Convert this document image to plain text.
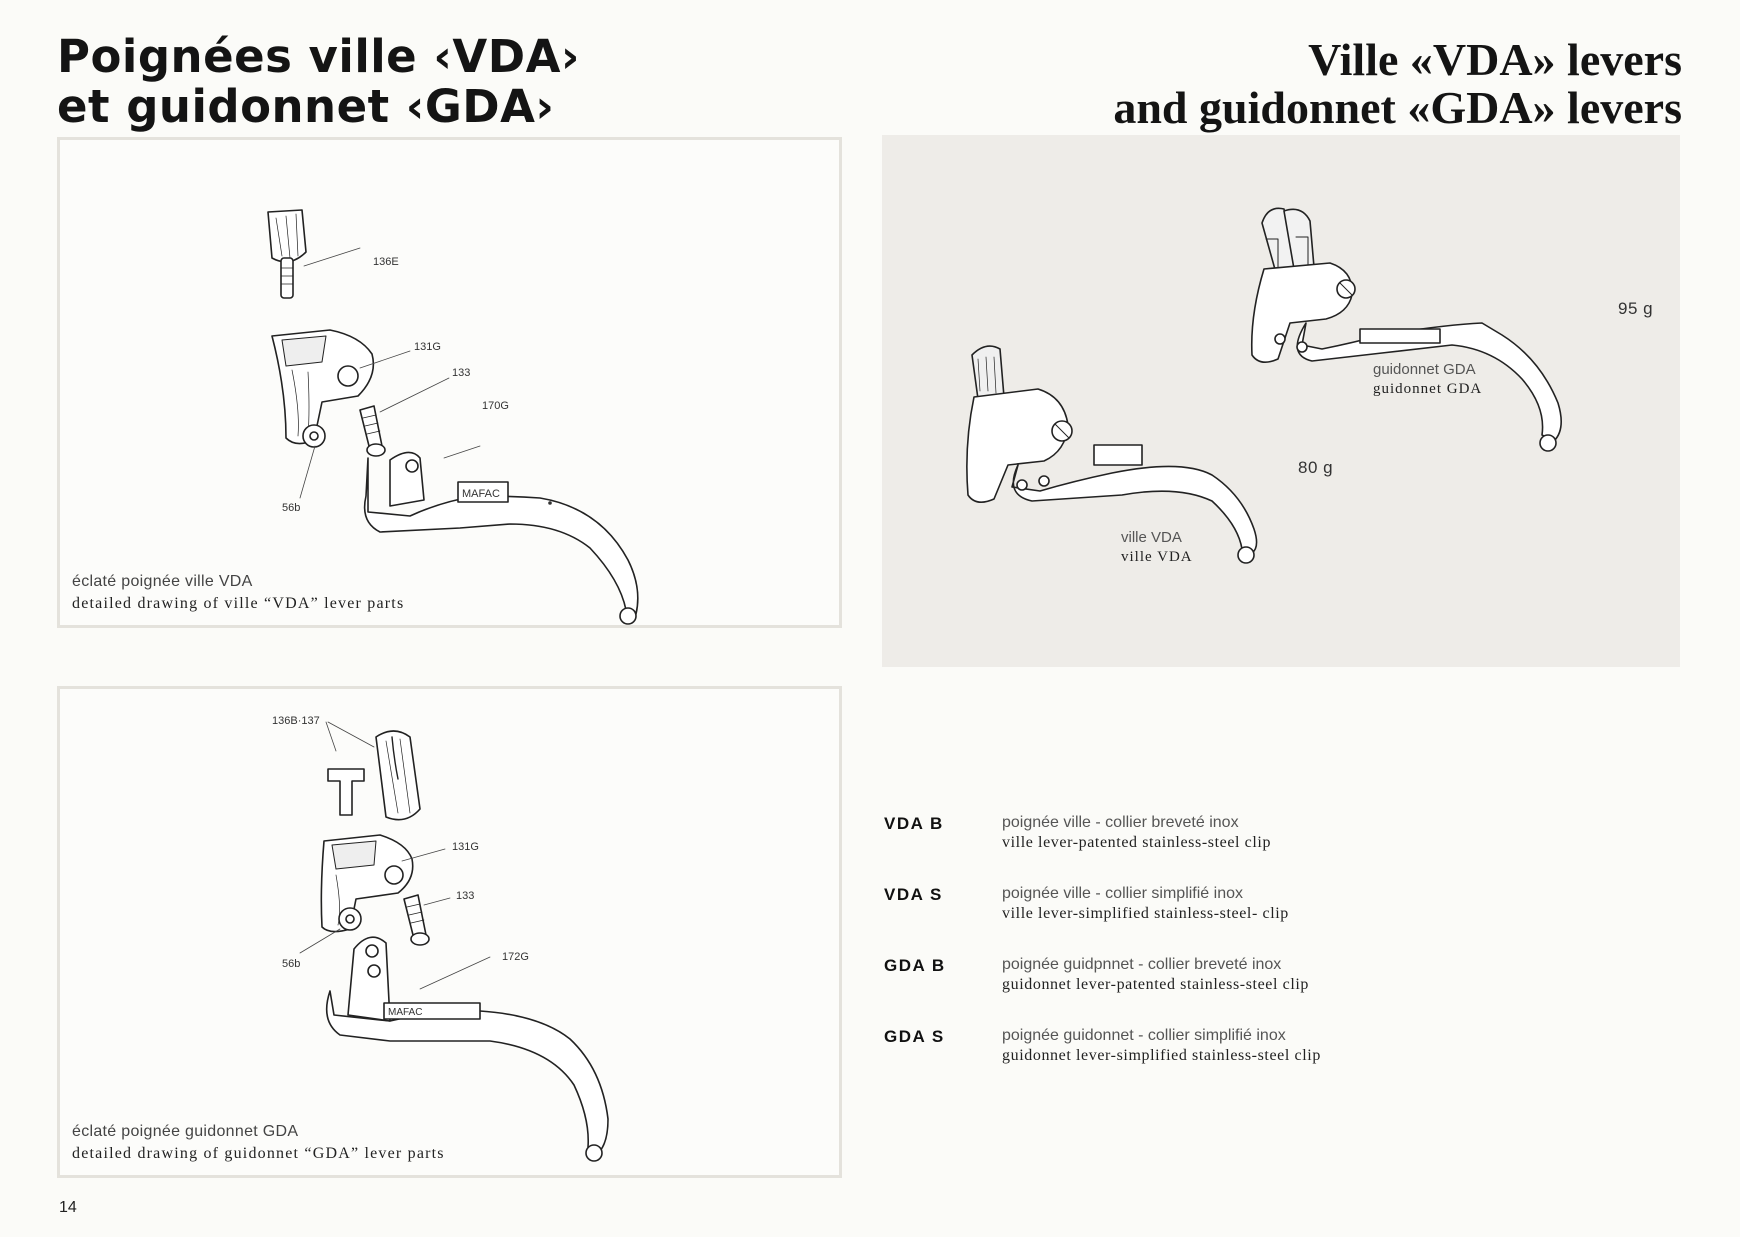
Poignées ville ‹VDA›
et guidonnet ‹GDA›
Ville «VDA» levers
and guidonnet «GDA» levers
MAFAC
136E
131G
133
170G
56b
éclaté poignée ville VDA
detailed drawing of ville “VDA” lever parts
MAFAC
136B·137
131G
133
56b
172G
éclaté poignée guidonnet GDA
detailed drawing of guidonnet “GDA” lever parts
95 g
guidonnet GDA
guidonnet GDA
80 g
ville VDA
ville VDA
VDA B	poignée ville - collier breveté inox
ville lever-patented stainless-steel clip
VDA S	poignée ville - collier simplifié inox
ville lever-simplified stainless-steel- clip
GDA B	poignée guidpnnet - collier breveté inox
guidonnet lever-patented stainless-steel clip
GDA S	poignée guidonnet - collier simplifié inox
guidonnet lever-simplified stainless-steel clip
14
